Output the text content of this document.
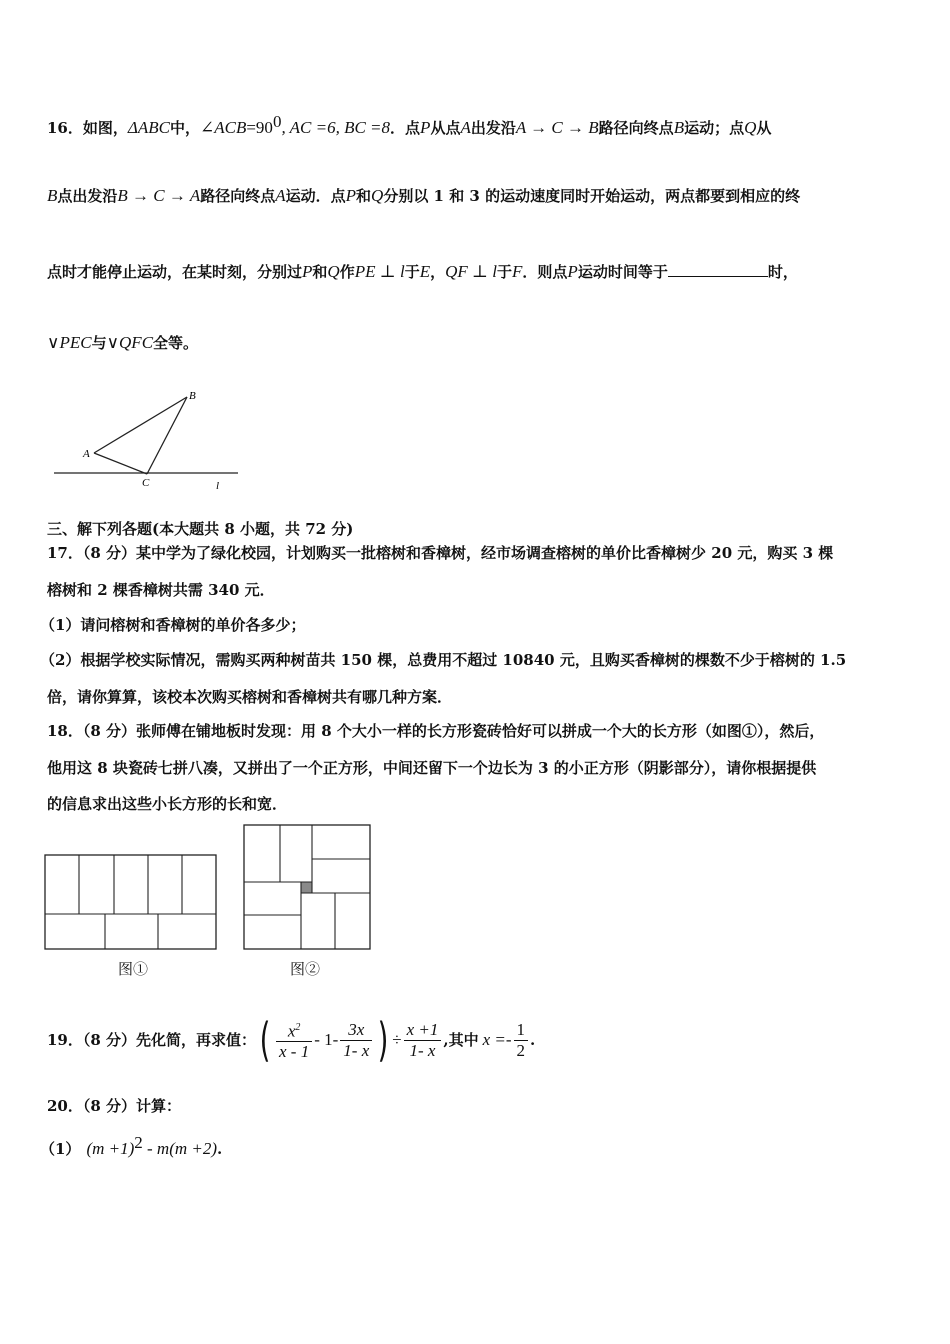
16．如图，ΔABC中，$\angle ACB=90^0$, AC =6, BC =8．点P从点A出发沿A → C → B路径向终点B运动；点Q从
B点出发沿B → C → A路径向终点A运动．点P和Q分别以 1 和 3 的运动速度同时开始运动，两点都要到相应的终
点时才能停止运动，在某时刻，分别过P和Q作PE ⊥ l于E，QF ⊥ l于F．则点P运动时间等于	时，
∨PEC与∨QFC全等。
A
B
C	l
三、解下列各题(本大题共 8 小题，共 72 分)
17．（8 分）某中学为了绿化校园，计划购买一批榕树和香樟树，经市场调查榕树的单价比香樟树少 20 元，购买 3 棵
榕树和 2 棵香樟树共需 340 元．
（1）请问榕树和香樟树的单价各多少；
（2）根据学校实际情况，需购买两种树苗共 150 棵，总费用不超过 10840 元，且购买香樟树的棵数不少于榕树的 1.5
倍，请你算算，该校本次购买榕树和香樟树共有哪几种方案．
18．（8 分）张师傅在铺地板时发现：用 8 个大小一样的长方形瓷砖恰好可以拼成一个大的长方形（如图①），然后，
他用这 8 块瓷砖七拼八凑，又拼出了一个正方形，中间还留下一个边长为 3 的小正方形（阴影部分），请你根据提供
的信息求出这些小长方形的长和宽．
图①	图②
19．（8 分）先化简，再求值： ( $\frac{x^2}{x - 1} - 1- \frac{3x}{1- x}$ ) ÷ $\frac{x +1}{1- x}$ ,其中 $x =- \frac{1}{2}$ .
20．（8 分）计算：
（1） $(m +1)^2 - m(m +2)$.
